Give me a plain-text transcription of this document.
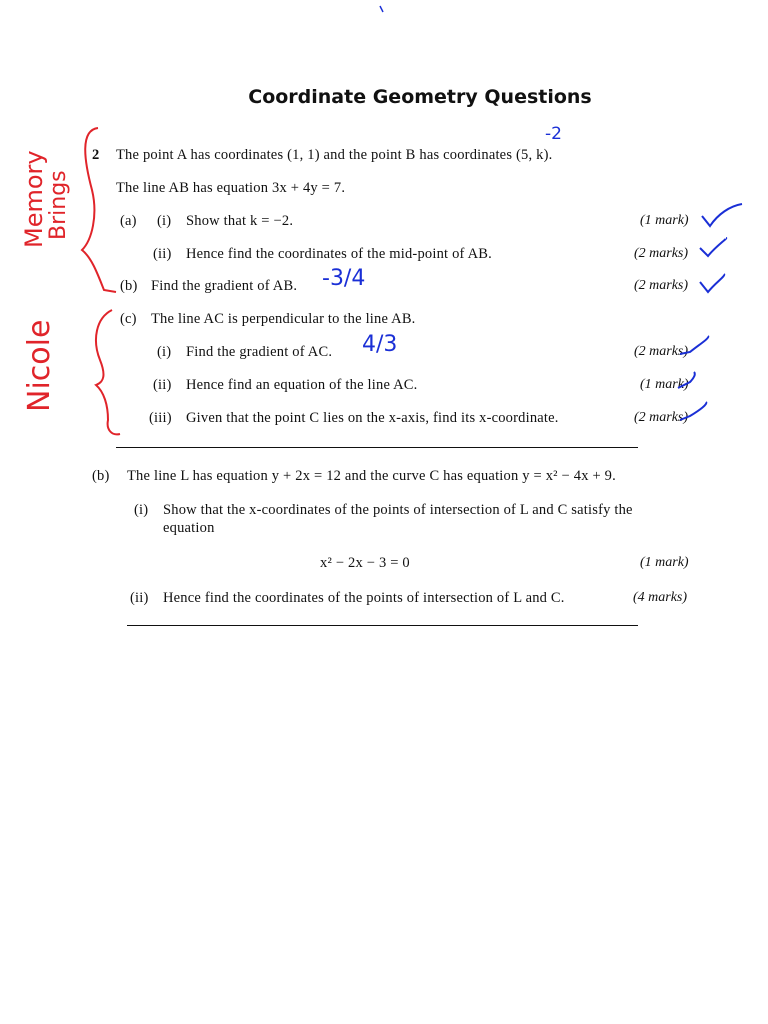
Coordinate Geometry Questions
2 The point A has coordinates (1, 1) and the point B has coordinates (5, k).
The line AB has equation 3x + 4y = 7.
(a) (i) Show that k = −2.	(1 mark)
(ii) Hence find the coordinates of the mid-point of AB.	(2 marks)
(b) Find the gradient of AB.	(2 marks)
(c) The line AC is perpendicular to the line AB.
(i) Find the gradient of AC.	(2 marks)
(ii) Hence find an equation of the line AC.	(1 mark)
(iii) Given that the point C lies on the x-axis, find its x-coordinate.	(2 marks)
(b) The line L has equation y + 2x = 12 and the curve C has equation y = x² − 4x + 9.
(i) Show that the x-coordinates of the points of intersection of L and C satisfy the
equation
x² − 2x − 3 = 0	(1 mark)
(ii) Hence find the coordinates of the points of intersection of L and C.	(4 marks)
-2
-3/4
4/3
Memory
Brings
Nicole
